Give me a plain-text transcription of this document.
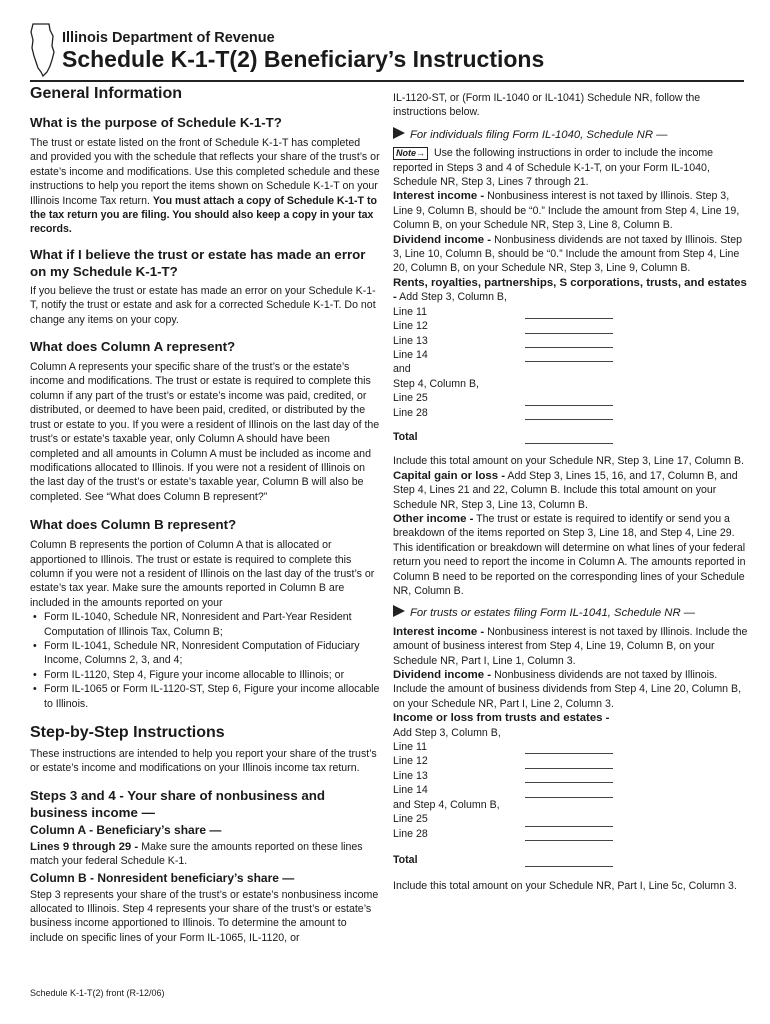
Illinois Department of Revenue
Schedule K-1-T(2) Beneficiary’s Instructions
General Information
What is the purpose of Schedule K-1-T?

The trust or estate listed on the front of Schedule K-1-T has completed and provided you with the schedule that reflects your share of the trust’s or estate’s income and modifications. Use this completed schedule and these instructions to help you report the items shown on Schedule K-1-T on your Illinois Income Tax return. You must attach a copy of Schedule K-1-T to the tax return you are filing. You should also keep a copy in your tax records.

What if I believe the trust or estate has made an error on my Schedule K-1-T?

If you believe the trust or estate has made an error on your Schedule K-1-T, notify the trust or estate and ask for a corrected Schedule K-1-T. Do not change any items on your copy.

What does Column A represent?

Column A represents your specific share of the trust’s or the estate’s income and modifications. The trust or estate is required to complete this column if any part of the trust’s or estate’s income was paid, credited, or distributed, or deemed to have been paid, credited, or distributed by the trust or estate to you. If you were a resident of Illinois on the last day of the trust’s or estate’s taxable year, only Column A should have been completed and all amounts in Column A must be included as income and modifications allocated to Illinois. If you were not a resident of Illinois on the last day of the trust’s or estate’s taxable year, Column B will also be completed. See “What does Column B represent?”

What does Column B represent?

Column B represents the portion of Column A that is allocated or apportioned to Illinois. The trust or estate is required to complete this column if you were not a resident of Illinois on the last day of the trust’s or estate’s tax year. Make sure the amounts reported in Column B are included in the amounts reported on your

• Form IL-1040, Schedule NR, Nonresident and Part-Year Resident Computation of Illinois Tax, Column B;
• Form IL-1041, Schedule NR, Nonresident Computation of Fiduciary Income, Columns 2, 3, and 4;
• Form IL-1120, Step 4, Figure your income allocable to Illinois; or
• Form IL-1065 or Form IL-1120-ST, Step 6, Figure your income allocable to Illinois.
Step-by-Step Instructions

These instructions are intended to help you report your share of the trust’s or estate’s income and modifications on your Illinois income tax return.

Steps 3 and 4 - Your share of nonbusiness and business income —
Column A - Beneficiary’s share —

Lines 9 through 29 - Make sure the amounts reported on these lines match your federal Schedule K-1.

Column B - Nonresident beneficiary’s share —

Step 3 represents your share of the trust’s or estate’s nonbusiness income allocated to Illinois. Step 4 represents your share of the trust’s or estate’s business income apportioned to Illinois. To determine the amount to include on specific lines of your Form IL-1065, IL-1120, or

IL-1120-ST, or (Form IL-1040 or IL-1041) Schedule NR, follow the instructions below.

For individuals filing Form IL-1040, Schedule NR —

Note→ Use the following instructions in order to include the income reported in Steps 3 and 4 of Schedule K-1-T, on your Form IL-1040, Schedule NR, Step 3, Lines 7 through 21.

Interest income - Nonbusiness interest is not taxed by Illinois. Step 3, Line 9, Column B, should be “0.” Include the amount from Step 4, Line 19, Column B, on your Schedule NR, Step 3, Line 8, Column B.

Dividend income - Nonbusiness dividends are not taxed by Illinois. Step 3, Line 10, Column B, should be “0.” Include the amount from Step 4, Line 20, Column B, on your Schedule NR, Step 3, Line 9, Column B.

Rents, royalties, partnerships, S corporations, trusts, and estates - Add Step 3, Column B,

Line 11
Line 12
Line 13
Line 14
and
Step 4, Column B,
Line 25
Line 28
Total

Include this total amount on your Schedule NR, Step 3, Line 17, Column B.

Capital gain or loss - Add Step 3, Lines 15, 16, and 17, Column B, and Step 4, Lines 21 and 22, Column B. Include this total amount on your Schedule NR, Step 3, Line 13, Column B.

Other income - The trust or estate is required to identify or send you a breakdown of the items reported on Step 3, Line 18, and Step 4, Line 29. This identification or breakdown will determine on what lines of your federal return you need to report the income in Column A. The amounts reported in Column B need to be reported on the corresponding lines of your Schedule NR, Column B.

For trusts or estates filing Form IL-1041, Schedule NR —

Interest income - Nonbusiness interest is not taxed by Illinois. Include the amount of business interest from Step 4, Line 19, Column B, on your Schedule NR, Part I, Line 1, Column 3.

Dividend income - Nonbusiness dividends are not taxed by Illinois. Include the amount of business dividends from Step 4, Line 20, Column B, on your Schedule NR, Part I, Line 2, Column 3.

Income or loss from trusts and estates -

Add Step 3, Column B,
Line 11
Line 12
Line 13
Line 14
and Step 4, Column B,
Line 25
Line 28
Total

Include this total amount on your Schedule NR, Part I, Line 5c, Column 3.

Schedule K-1-T(2) front (R-12/06)
